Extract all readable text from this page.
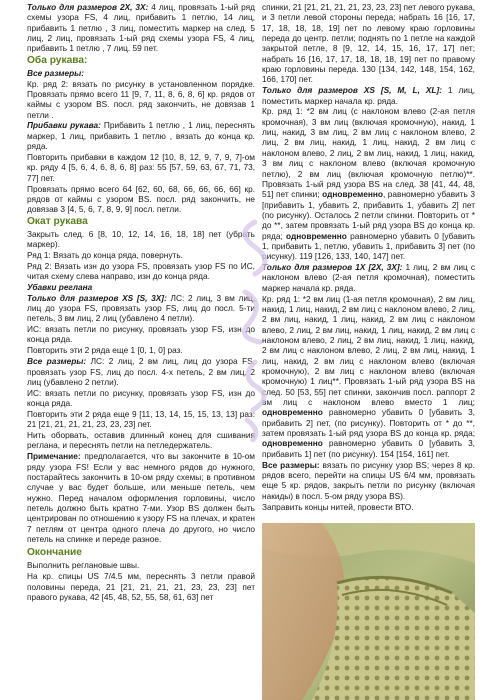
Только для размеров 2X, 3X: 4 лиц, провязать 1-ый ряд схемы узора FS, 4 лиц, прибавить 1 петлю, 14 лиц, прибавить 1 петлю , 3 лиц, поместить маркер на след. 5 лиц, 2 лиц, провязать 1-ый ряд схемы узора FS, 4 лиц, прибавить 1 петлю , 7 лиц. 59 пет.

Оба рукава:

Все размеры:

Кр. ряд 2: вязать по рисунку в установленном порядке. Провязать прямо всего 11 [9, 7, 11, 8, 6, 8, 6] кр. рядов от каймы с узором BS. посл. ряд закончить, не довязав 1 петли .

Прибавки рукава: Прибавить 1 петлю , 1 лиц, переснять маркер, 1 лиц, прибавить 1 петлю , вязать до конца кр. ряда.

Повторить прибавки в каждом 12 [10, 8, 12, 9, 7, 9, 7]-ом кр. ряду 4 [5, 6, 4, 6, 8, 6, 8] раз: 55 [57, 59, 63, 67, 71, 73, 77] пет.

Провязать прямо всего 64 [62, 60, 68, 66, 66, 66, 66] кр. рядов от каймы с узором BS. посл. ряд закончить, не довязав 3 [4, 5, 6, 7, 8, 9, 9] посл. петли.

Окат рукава

Закрыть след. 6 [8, 10, 12, 14, 16, 18, 18] пет (убрать маркер).

Ряд 1: Вязать до конца ряда, повернуть.

Ряд 2: Вязать изн до узора FS, провязать узор FS по ИС, читая схему слева направо, изн до конца ряда.

Убавки реглана

Только для размеров XS [S, 3X]: ЛС: 2 лиц, 3 вм лиц, лиц до узора FS, провязать узор FS, лиц до посл. 5-ти петель, 3 вм лиц, 2 лиц (убавлено 4 петли).

ИС: вязать петли по рисунку, провязать узор FS, изн до конца ряда.

Повторить эти 2 ряда еще 1 [0, 1, 0] раз.

Все размеры: ЛС: 2 лиц, 2 вм лиц, лиц до узора FS, провязать узор FS, лиц до посл. 4-х петель, 2 вм лиц, 2 лиц (убавлено 2 петли).

ИС: вязать петли по рисунку, провязать узор FS, изн до конца ряда.

Повторить эти 2 ряда еще 9 [11, 13, 14, 15, 15, 13, 13] раз: 21 [21, 21, 21, 21, 23, 23, 23] пет.

Нить оборвать, оставив длинный конец для сшивания реглана, и переснять петли на петледержатель.

Примечание: предполагается, что вы закончите в 10-ом ряду узора FS! Если у вас немного рядов до нужного, постарайтесь закончить в 10-ом ряду схемы; в противном случае у вас будет больше, или меньше петель, чем нужно. Перед началом оформления горловины, число петель должно быть кратно 7-ми. Узор BS должен быть центрирован по отношению к узору FS на плечах, и кратен 7 петлям от центра одного плеча до другого, но число петель на спинке и переде разное.

Окончание

Выполнить реглановые швы.

На кр. спицы US 7/4.5 мм, переснять 3 петли правой половины переда, 21 [21, 21, 21, 21, 23, 23, 23] пет правого рукава, 42 [45, 48, 52, 55, 58, 61, 63] пет

спинки, 21 [21, 21, 21, 21, 23, 23, 23] пет левого рукава, и 3 петли левой стороны переда; набрать 16 [16, 17, 17, 18, 18, 18, 19] пет по левому краю горловины переда до центр. петли; поднять по 1 петле на каждой закрытой петле, 8 [9, 12, 14, 15, 16, 17, 17] пет; набрать 16 [16, 17, 17, 18, 18, 18, 19] пет по правому краю горловины переда. 130 [134, 142, 148, 154, 162, 166, 170] пет.

Только для размеров XS [S, M, L, XL]: 1 лиц, поместить маркер начала кр. ряда.

Кр. ряд 1: *2 вм лиц (с наклоном влево (2-ая петля кромочная), 3 вм лиц (включая кромочную), накид, 1 лиц, накид, 3 вм лиц, 2 вм лиц с наклоном влево, 2 лиц, 2 вм лиц, накид, 1 лиц, накид, 2 вм лиц с наклоном влево, 2 лиц, 2 вм лиц, накид, 1 лиц, накид, 3 вм лиц с наклоном влево (включая кромочную петлю), 2 вм лиц (включая кромочную петлю)**. Провязать 1-ый ряд узора BS на след. 38 [41, 44, 48, 51] пет спинки; одновременно, равномерно убавить 3 [прибавить 1, убавить 2, прибавить 1, убавить 2] пет (по рисунку). Осталось 2 петли спинки. Повторить от * до **, затем провязать 1-ый ряд узора BS до конца кр. ряда; одновременно равномерно убавить 0 [убавить 1, прибавить 1, петлю, убавить 1, прибавить 3] пет (по рисунку). 119 [126, 133, 140, 147] пет.

Только для размеров 1X [2X, 3X]: 1 лиц, 2 вм лиц с наклоном влево (2-ая петля кромочная), поместить маркер начала кр. ряда.

Кр. ряд 1: *2 вм лиц (1-ая петля кромочная), 2 вм лиц, накид, 1 лиц, накид, 2 вм лиц с наклоном влево, 2 лиц, 2 вм лиц, накид, 1 лиц, накид, 2 вм лиц с наклоном влево, 2 лиц, 2 вм лиц, накид, 1 лиц, накид, 2 вм лиц с наклоном влево, 2 лиц, 2 вм лиц, накид, 1 лиц, накид, 2 вм лиц с наклоном влево, 2 лиц, 2 вм лиц, накид, 1 лиц, накид, 2 вм лиц с наклоном влево (включая кромочную), 2 вм лиц с наклоном влево (включая кромочную) 1 лиц**. Провязать 1-ый ряд узора BS на след. 50 [53, 55] пет спинки, закончив посл. раппорт 2 вм лиц с наклоном влево вместо 1 лиц; одновременно равномерно убавить 0 [убавить 3, прибавить 2] пет, (по рисунку). Повторить от * до **, затем провязать 1-ый ряд узора BS до конца кр. ряда; одновременно равномерно убавить 0 [убавить 3, прибавить 1] пет (по рисунку). 154 [154, 161] пет.

Все размеры: вязать по рисунку узор BS; через 8 кр. рядов всего, перейти на спицы US 6/4 мм, провязать еще 5 кр. рядов, закрыть петли по рисунку (включая накиды) в посл. 5-ом ряду узора BS).

Заправить концы нитей, провести ВТО.
